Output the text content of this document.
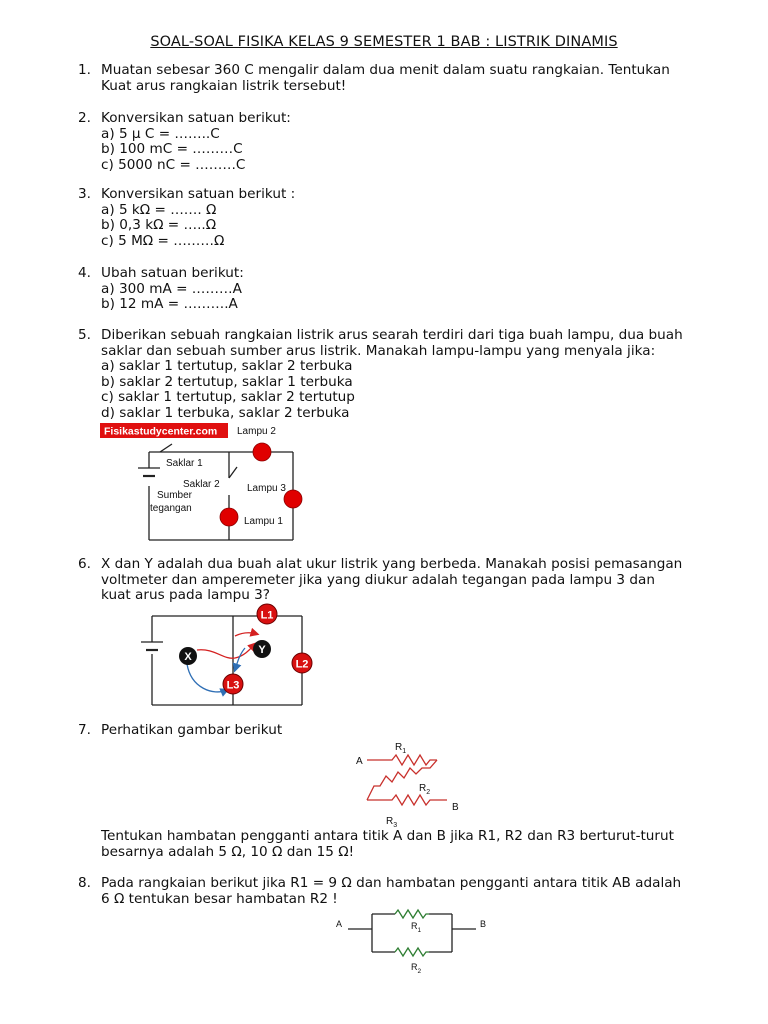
SOAL-SOAL FISIKA KELAS 9 SEMESTER 1 BAB : LISTRIK DINAMIS
1. Muatan sebesar 360 C mengalir dalam dua menit dalam suatu rangkaian. Tentukan
Kuat arus rangkaian listrik tersebut!
2. Konversikan satuan berikut:
a) 5 µ C = ……..C
b) 100 mC = ………C
c) 5000 nC = ………C
3. Konversikan satuan berikut :
a) 5 kΩ = ……. Ω
b) 0,3 kΩ = …..Ω
c) 5 MΩ = ………Ω
4. Ubah satuan berikut:
a) 300 mA = ………A
b) 12 mA = ……….A
5. Diberikan sebuah rangkaian listrik arus searah terdiri dari tiga buah lampu, dua buah
saklar dan sebuah sumber arus listrik. Manakah lampu-lampu yang menyala jika:
a) saklar 1 tertutup, saklar 2 terbuka
b) saklar 2 tertutup, saklar 1 terbuka
c) saklar 1 tertutup, saklar 2 tertutup
d) saklar 1 terbuka, saklar 2 terbuka
Fisikastudycenter.com Lampu 2
Saklar 1
Saklar 2	Lampu 3
Sumber
tegangan
Lampu 1
6. X dan Y adalah dua buah alat ukur listrik yang berbeda. Manakah posisi pemasangan
voltmeter dan amperemeter jika yang diukur adalah tegangan pada lampu 3 dan
kuat arus pada lampu 3?
L1
L2
L3
X
Y
7. Perhatikan gambar berikut
A
B
$R_1$
$R_2$
$R_3$
Tentukan hambatan pengganti antara titik A dan B jika R1, R2 dan R3 berturut-turut
besarnya adalah 5 Ω, 10 Ω dan 15 Ω!
8. Pada rangkaian berikut jika R1 = 9 Ω dan hambatan pengganti antara titik AB adalah
6 Ω tentukan besar hambatan R2 !
A	B
$R_1$
$R_2$
